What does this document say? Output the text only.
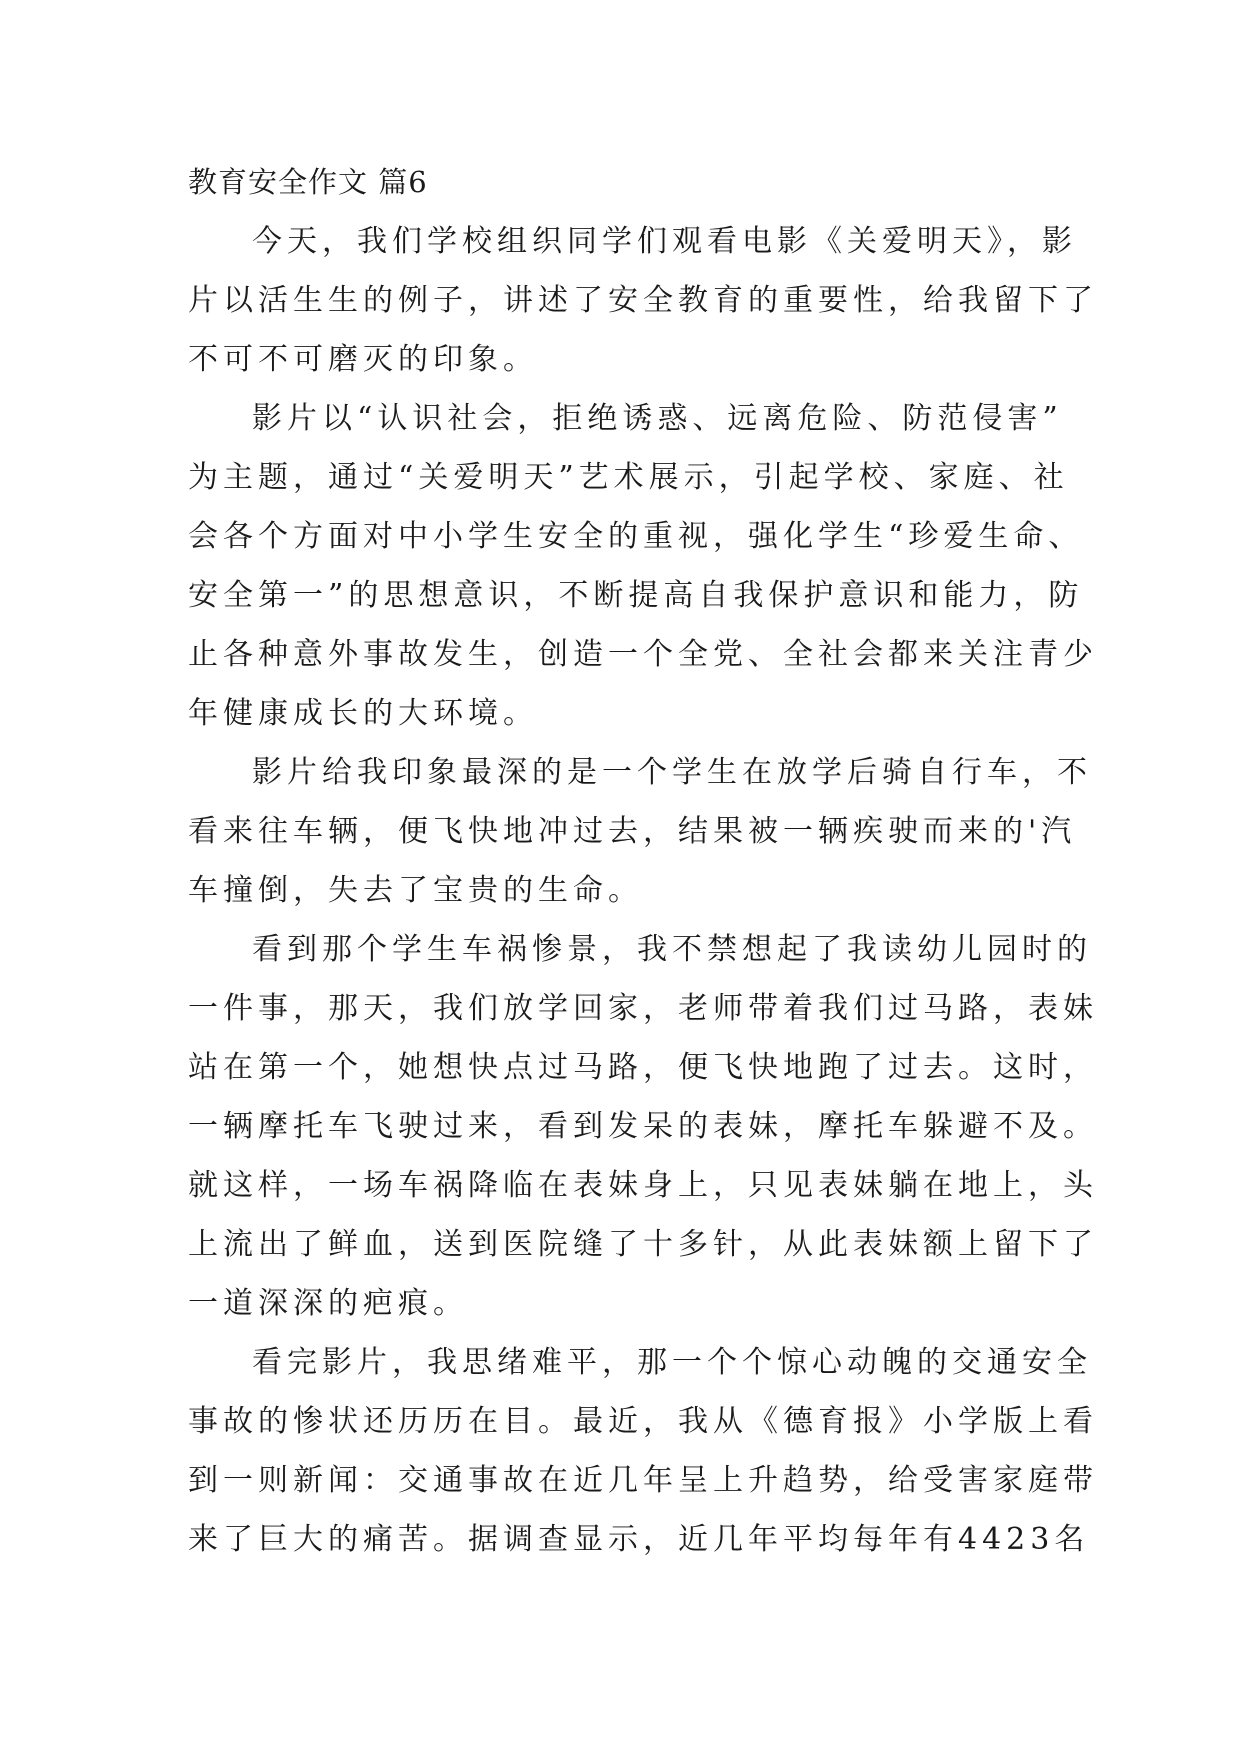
教育安全作文 篇6
今天，我们学校组织同学们观看电影《关爱明天》，影
片以活生生的例子，讲述了安全教育的重要性，给我留下了
不可不可磨灭的印象。
影片以“认识社会，拒绝诱惑、远离危险、防范侵害”
为主题，通过“关爱明天”艺术展示，引起学校、家庭、社
会各个方面对中小学生安全的重视，强化学生“珍爱生命、
安全第一”的思想意识，不断提高自我保护意识和能力，防
止各种意外事故发生，创造一个全党、全社会都来关注青少
年健康成长的大环境。
影片给我印象最深的是一个学生在放学后骑自行车，不
看来往车辆，便飞快地冲过去，结果被一辆疾驶而来的'汽
车撞倒，失去了宝贵的生命。
看到那个学生车祸惨景，我不禁想起了我读幼儿园时的
一件事，那天，我们放学回家，老师带着我们过马路，表妹
站在第一个，她想快点过马路，便飞快地跑了过去。这时，
一辆摩托车飞驶过来，看到发呆的表妹，摩托车躲避不及。
就这样，一场车祸降临在表妹身上，只见表妹躺在地上，头
上流出了鲜血，送到医院缝了十多针，从此表妹额上留下了
一道深深的疤痕。
看完影片，我思绪难平，那一个个惊心动魄的交通安全
事故的惨状还历历在目。最近，我从《德育报》小学版上看
到一则新闻：交通事故在近几年呈上升趋势，给受害家庭带
来了巨大的痛苦。据调查显示，近几年平均每年有4423名
